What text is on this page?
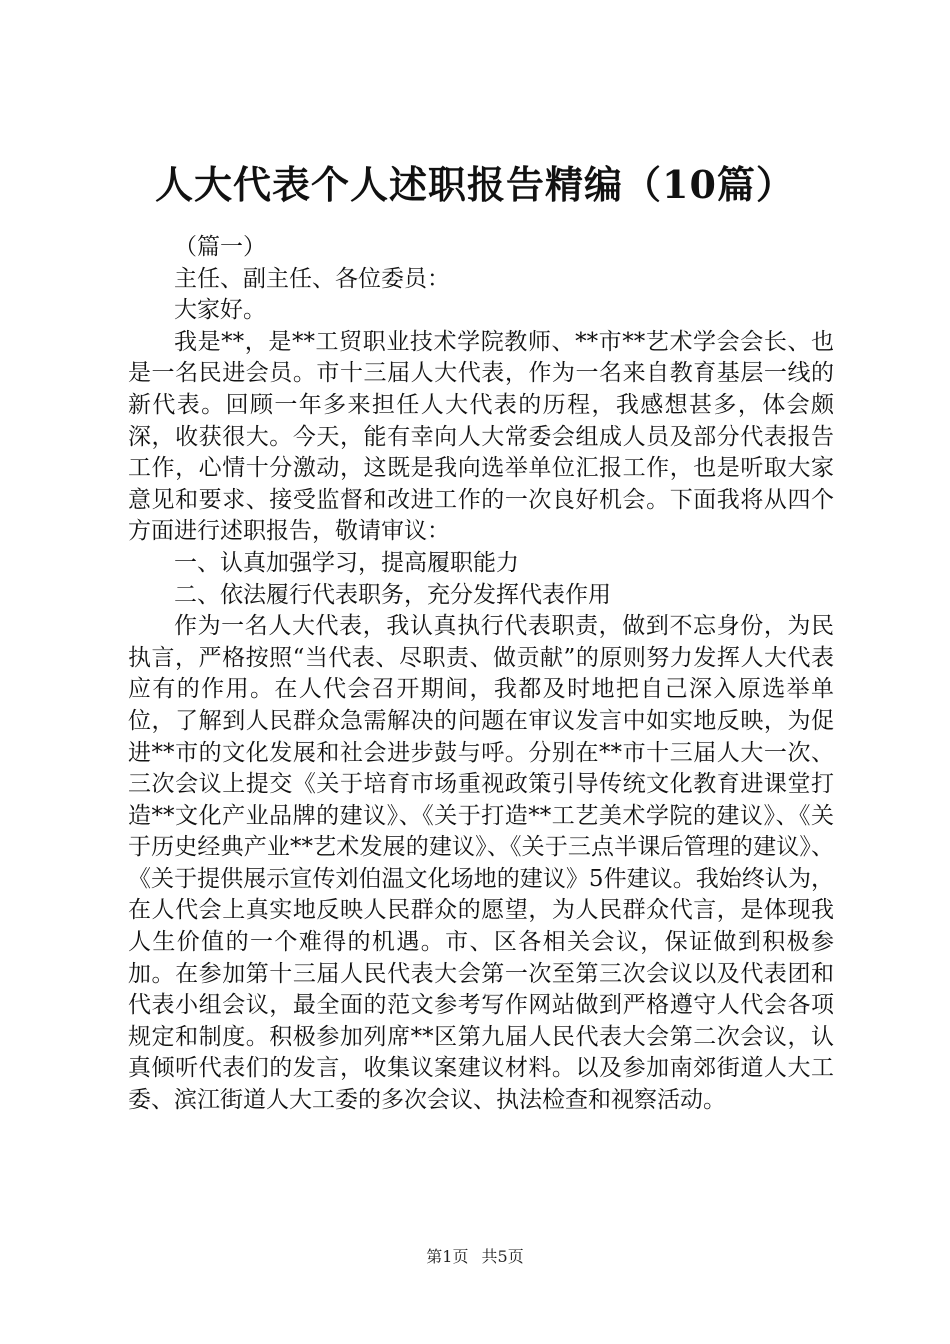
人大代表个人述职报告精编（10篇）

（篇一）

主任、副主任、各位委员：

大家好。

我是**，是**工贸职业技术学院教师、**市**艺术学会会长、也是一名民进会员。市十三届人大代表，作为一名来自教育基层一线的新代表。回顾一年多来担任人大代表的历程，我感想甚多，体会颇深，收获很大。今天，能有幸向人大常委会组成人员及部分代表报告工作，心情十分激动，这既是我向选举单位汇报工作，也是听取大家意见和要求、接受监督和改进工作的一次良好机会。下面我将从四个方面进行述职报告，敬请审议：

一、认真加强学习，提高履职能力

二、依法履行代表职务，充分发挥代表作用

作为一名人大代表，我认真执行代表职责，做到不忘身份，为民执言，严格按照“当代表、尽职责、做贡献”的原则努力发挥人大代表应有的作用。在人代会召开期间，我都及时地把自己深入原选举单位，了解到人民群众急需解决的问题在审议发言中如实地反映，为促进**市的文化发展和社会进步鼓与呼。分别在**市十三届人大一次、三次会议上提交《关于培育市场重视政策引导传统文化教育进课堂打造**文化产业品牌的建议》、《关于打造**工艺美术学院的建议》、《关于历史经典产业**艺术发展的建议》、《关于三点半课后管理的建议》、《关于提供展示宣传刘伯温文化场地的建议》5件建议。我始终认为，在人代会上真实地反映人民群众的愿望，为人民群众代言，是体现我人生价值的一个难得的机遇。市、区各相关会议，保证做到积极参加。在参加第十三届人民代表大会第一次至第三次会议以及代表团和代表小组会议，最全面的范文参考写作网站做到严格遵守人代会各项规定和制度。积极参加列席**区第九届人民代表大会第二次会议，认真倾听代表们的发言，收集议案建议材料。以及参加南郊街道人大工委、滨江街道人大工委的多次会议、执法检查和视察活动。

第1页 共5页
